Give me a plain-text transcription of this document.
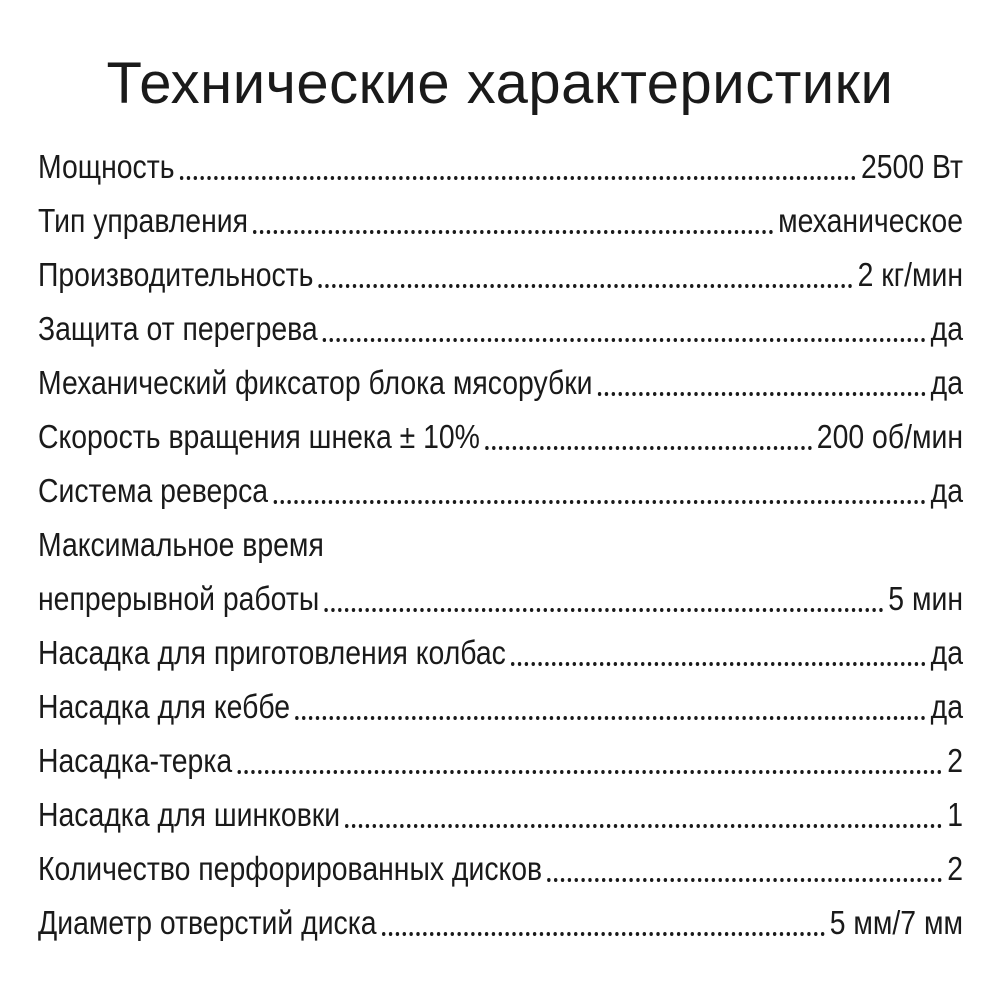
Технические характеристики
Мощность	2500 Вт
Тип управления	механическое
Производительность	2 кг/мин
Защита от перегрева	да
Механический фиксатор блока мясорубки	да
Скорость вращения шнека ± 10%	200 об/мин
Система реверса	да
Максимальное время
непрерывной работы	5 мин
Насадка для приготовления колбас	да
Насадка для кеббе	да
Насадка-терка	2
Насадка для шинковки	1
Количество перфорированных дисков	2
Диаметр отверстий диска	5 мм/7 мм
